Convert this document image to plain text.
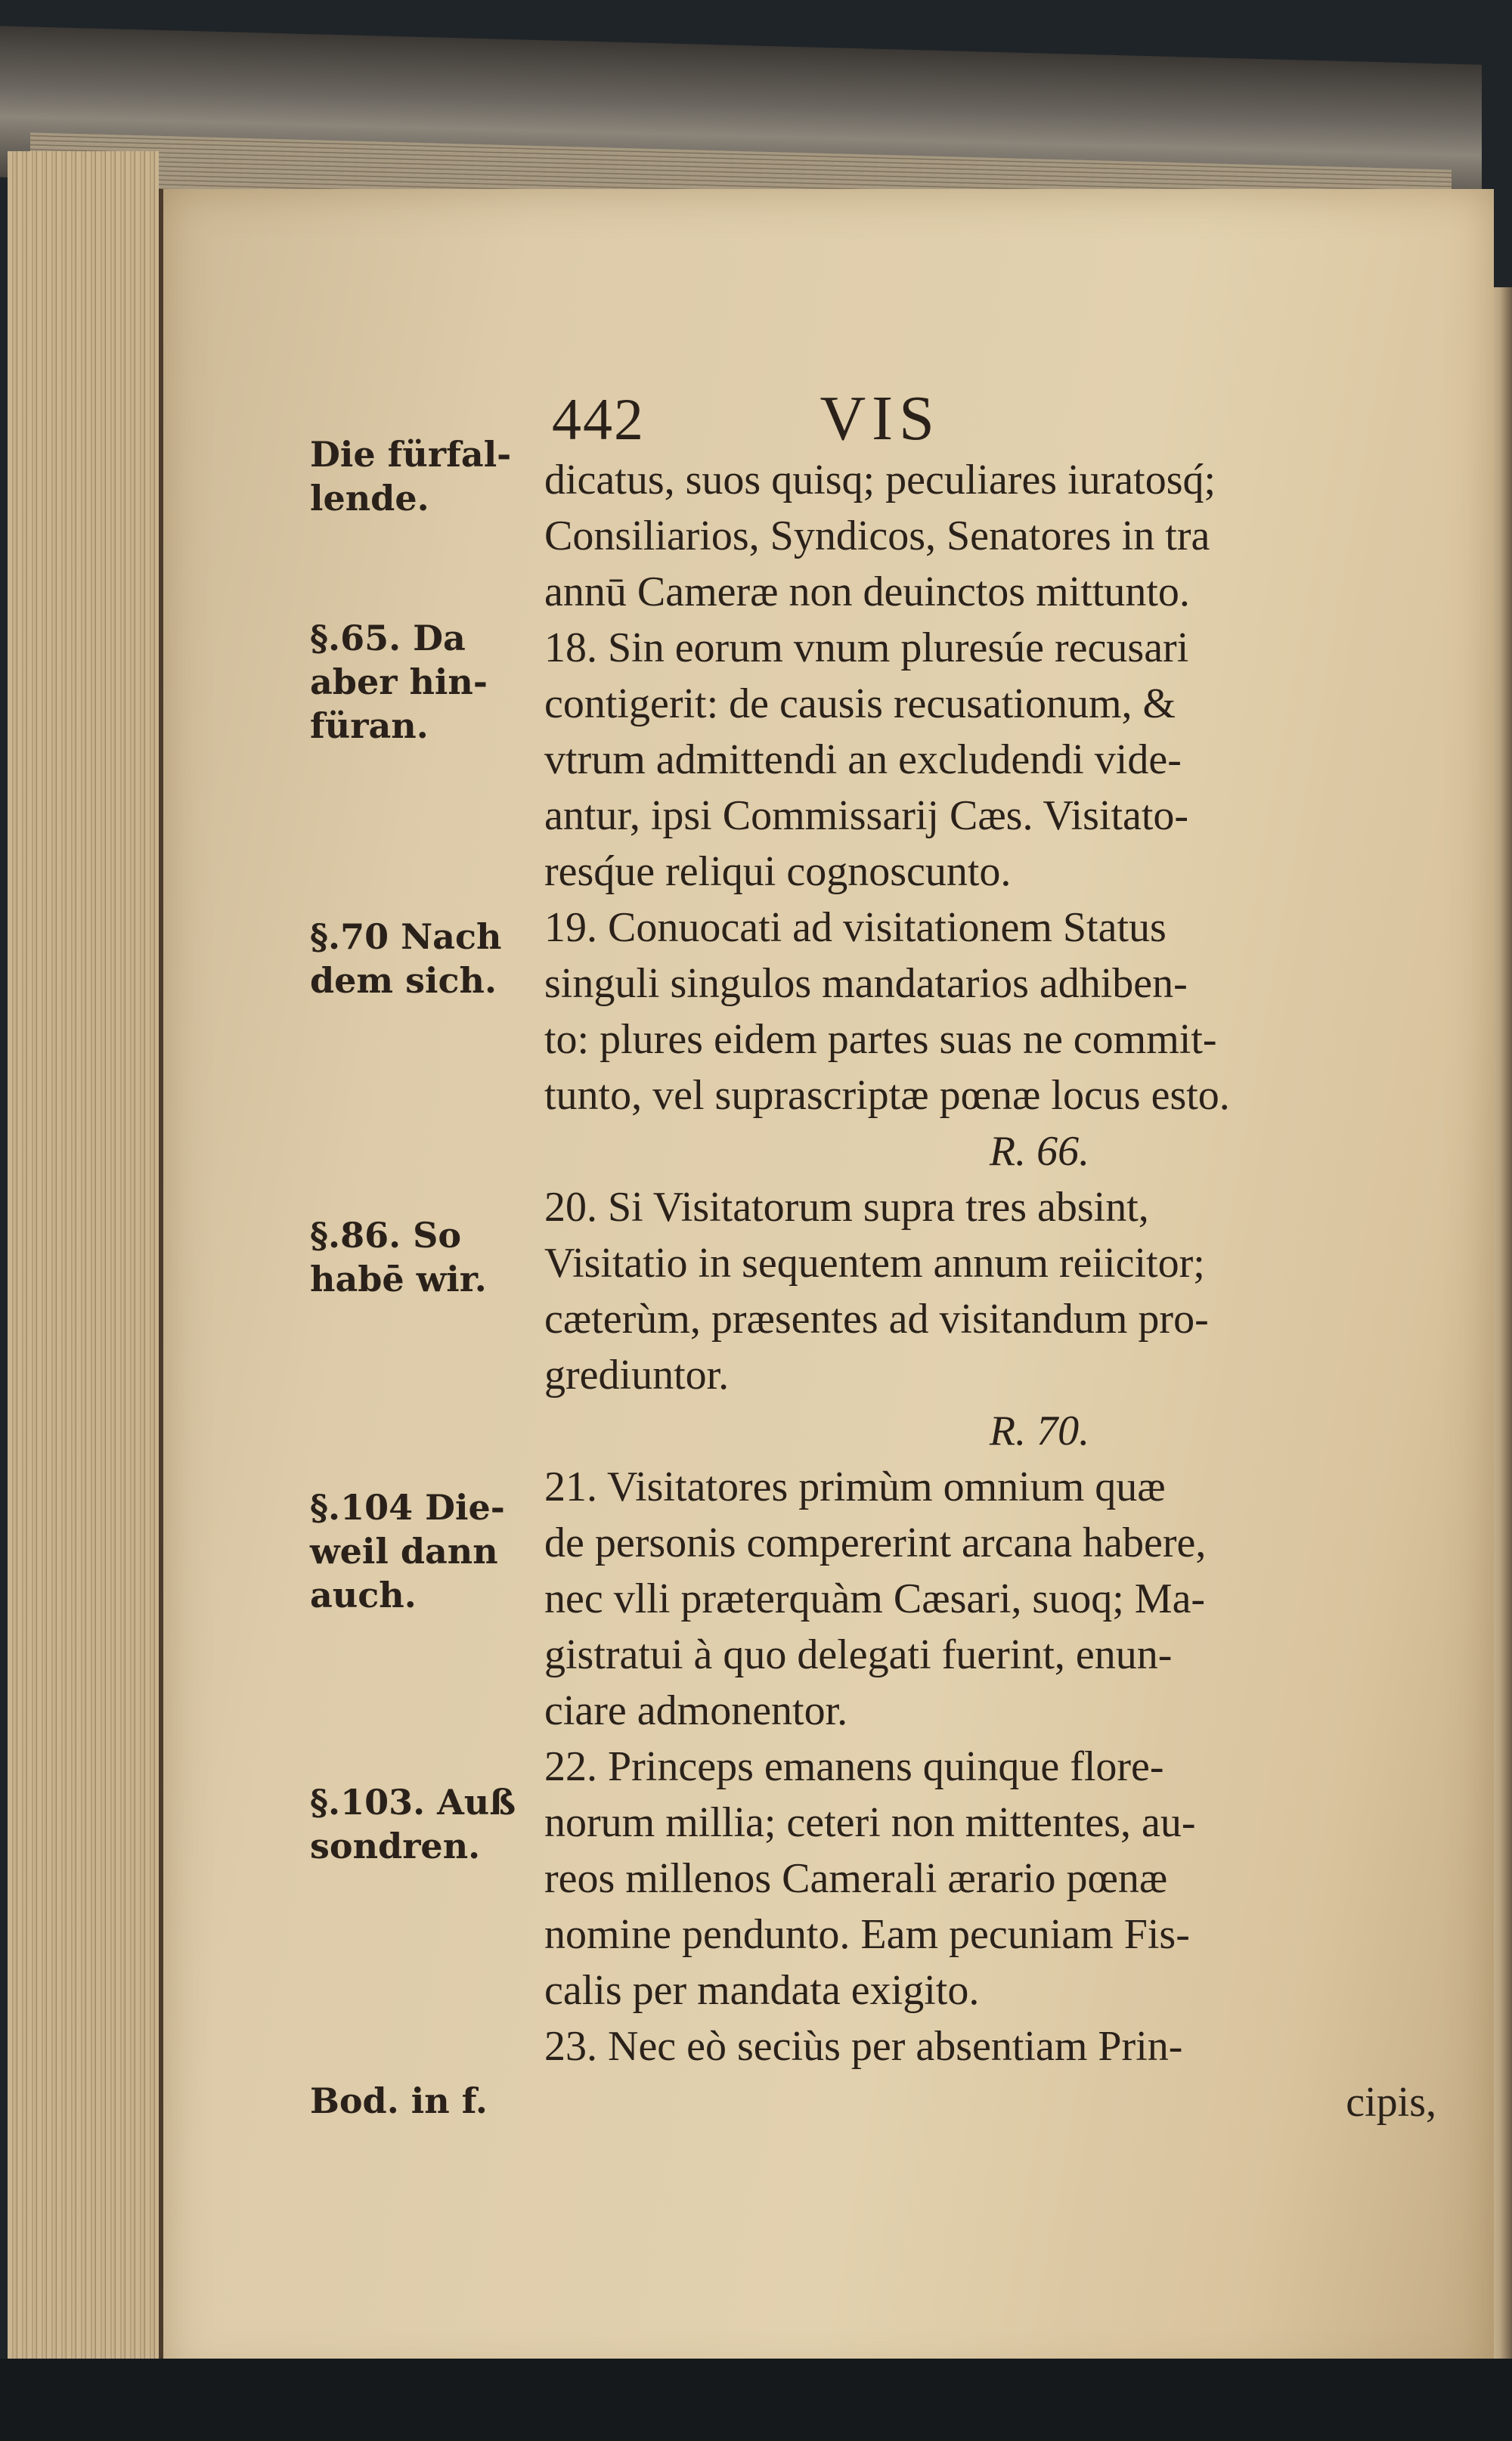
442	VIS
Die fürfal-
lende.
§.65. Da
aber hin-
füran.
§.70 Nach
dem sich.
§.86. So
habē wir.
§.104 Die-
weil dann
auch.
§.103. Auß
sondren.
Bod. in f.
dicatus, suos quisq; peculiares iuratosq́;
Consiliarios, Syndicos, Senatores in tra
annū Cameræ non deuinctos mittunto.
18. Sin eorum vnum pluresúe recusari
contigerit: de causis recusationum, &
vtrum admittendi an excludendi vide-
antur, ipsi Commissarij Cæs. Visitato-
resq́ue reliqui cognoscunto.
19. Conuocati ad visitationem Status
singuli singulos mandatarios adhiben-
to: plures eidem partes suas ne commit-
tunto, vel suprascriptæ pœnæ locus esto.
R. 66.
20. Si Visitatorum supra tres absint,
Visitatio in sequentem annum reiicitor;
cæterùm, præsentes ad visitandum pro-
grediuntor.
R. 70.
21. Visitatores primùm omnium quæ
de personis compererint arcana habere,
nec vlli præterquàm Cæsari, suoq; Ma-
gistratui à quo delegati fuerint, enun-
ciare admonentor.
22. Princeps emanens quinque flore-
norum millia; ceteri non mittentes, au-
reos millenos Camerali ærario pœnæ
nomine pendunto. Eam pecuniam Fis-
calis per mandata exigito.
23. Nec eò seciùs per absentiam Prin-
cipis,
